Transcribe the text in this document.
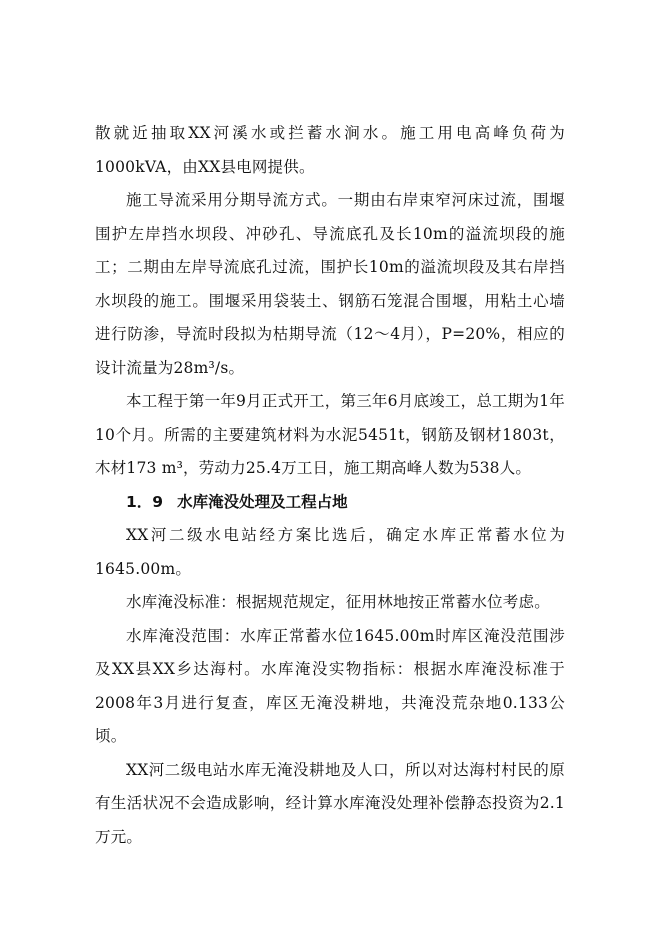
散就近抽取XX河溪水或拦蓄水涧水。施工用电高峰负荷为1000kVA，由XX县电网提供。

施工导流采用分期导流方式。一期由右岸束窄河床过流，围堰围护左岸挡水坝段、冲砂孔、导流底孔及长10m的溢流坝段的施工；二期由左岸导流底孔过流，围护长10m的溢流坝段及其右岸挡水坝段的施工。围堰采用袋装土、钢筋石笼混合围堰，用粘土心墙进行防渗，导流时段拟为枯期导流（12～4月），P=20%，相应的设计流量为28m³/s。

本工程于第一年9月正式开工，第三年6月底竣工，总工期为1年10个月。所需的主要建筑材料为水泥5451t，钢筋及钢材1803t，木材173 m³，劳动力25.4万工日，施工期高峰人数为538人。

1．9 水库淹没处理及工程占地

XX河二级水电站经方案比选后，确定水库正常蓄水位为1645.00m。

水库淹没标准：根据规范规定，征用林地按正常蓄水位考虑。

水库淹没范围：水库正常蓄水位1645.00m时库区淹没范围涉及XX县XX乡达海村。水库淹没实物指标：根据水库淹没标准于2008年3月进行复查，库区无淹没耕地，共淹没荒杂地0.133公顷。

XX河二级电站水库无淹没耕地及人口，所以对达海村村民的原有生活状况不会造成影响，经计算水库淹没处理补偿静态投资为2.1万元。
